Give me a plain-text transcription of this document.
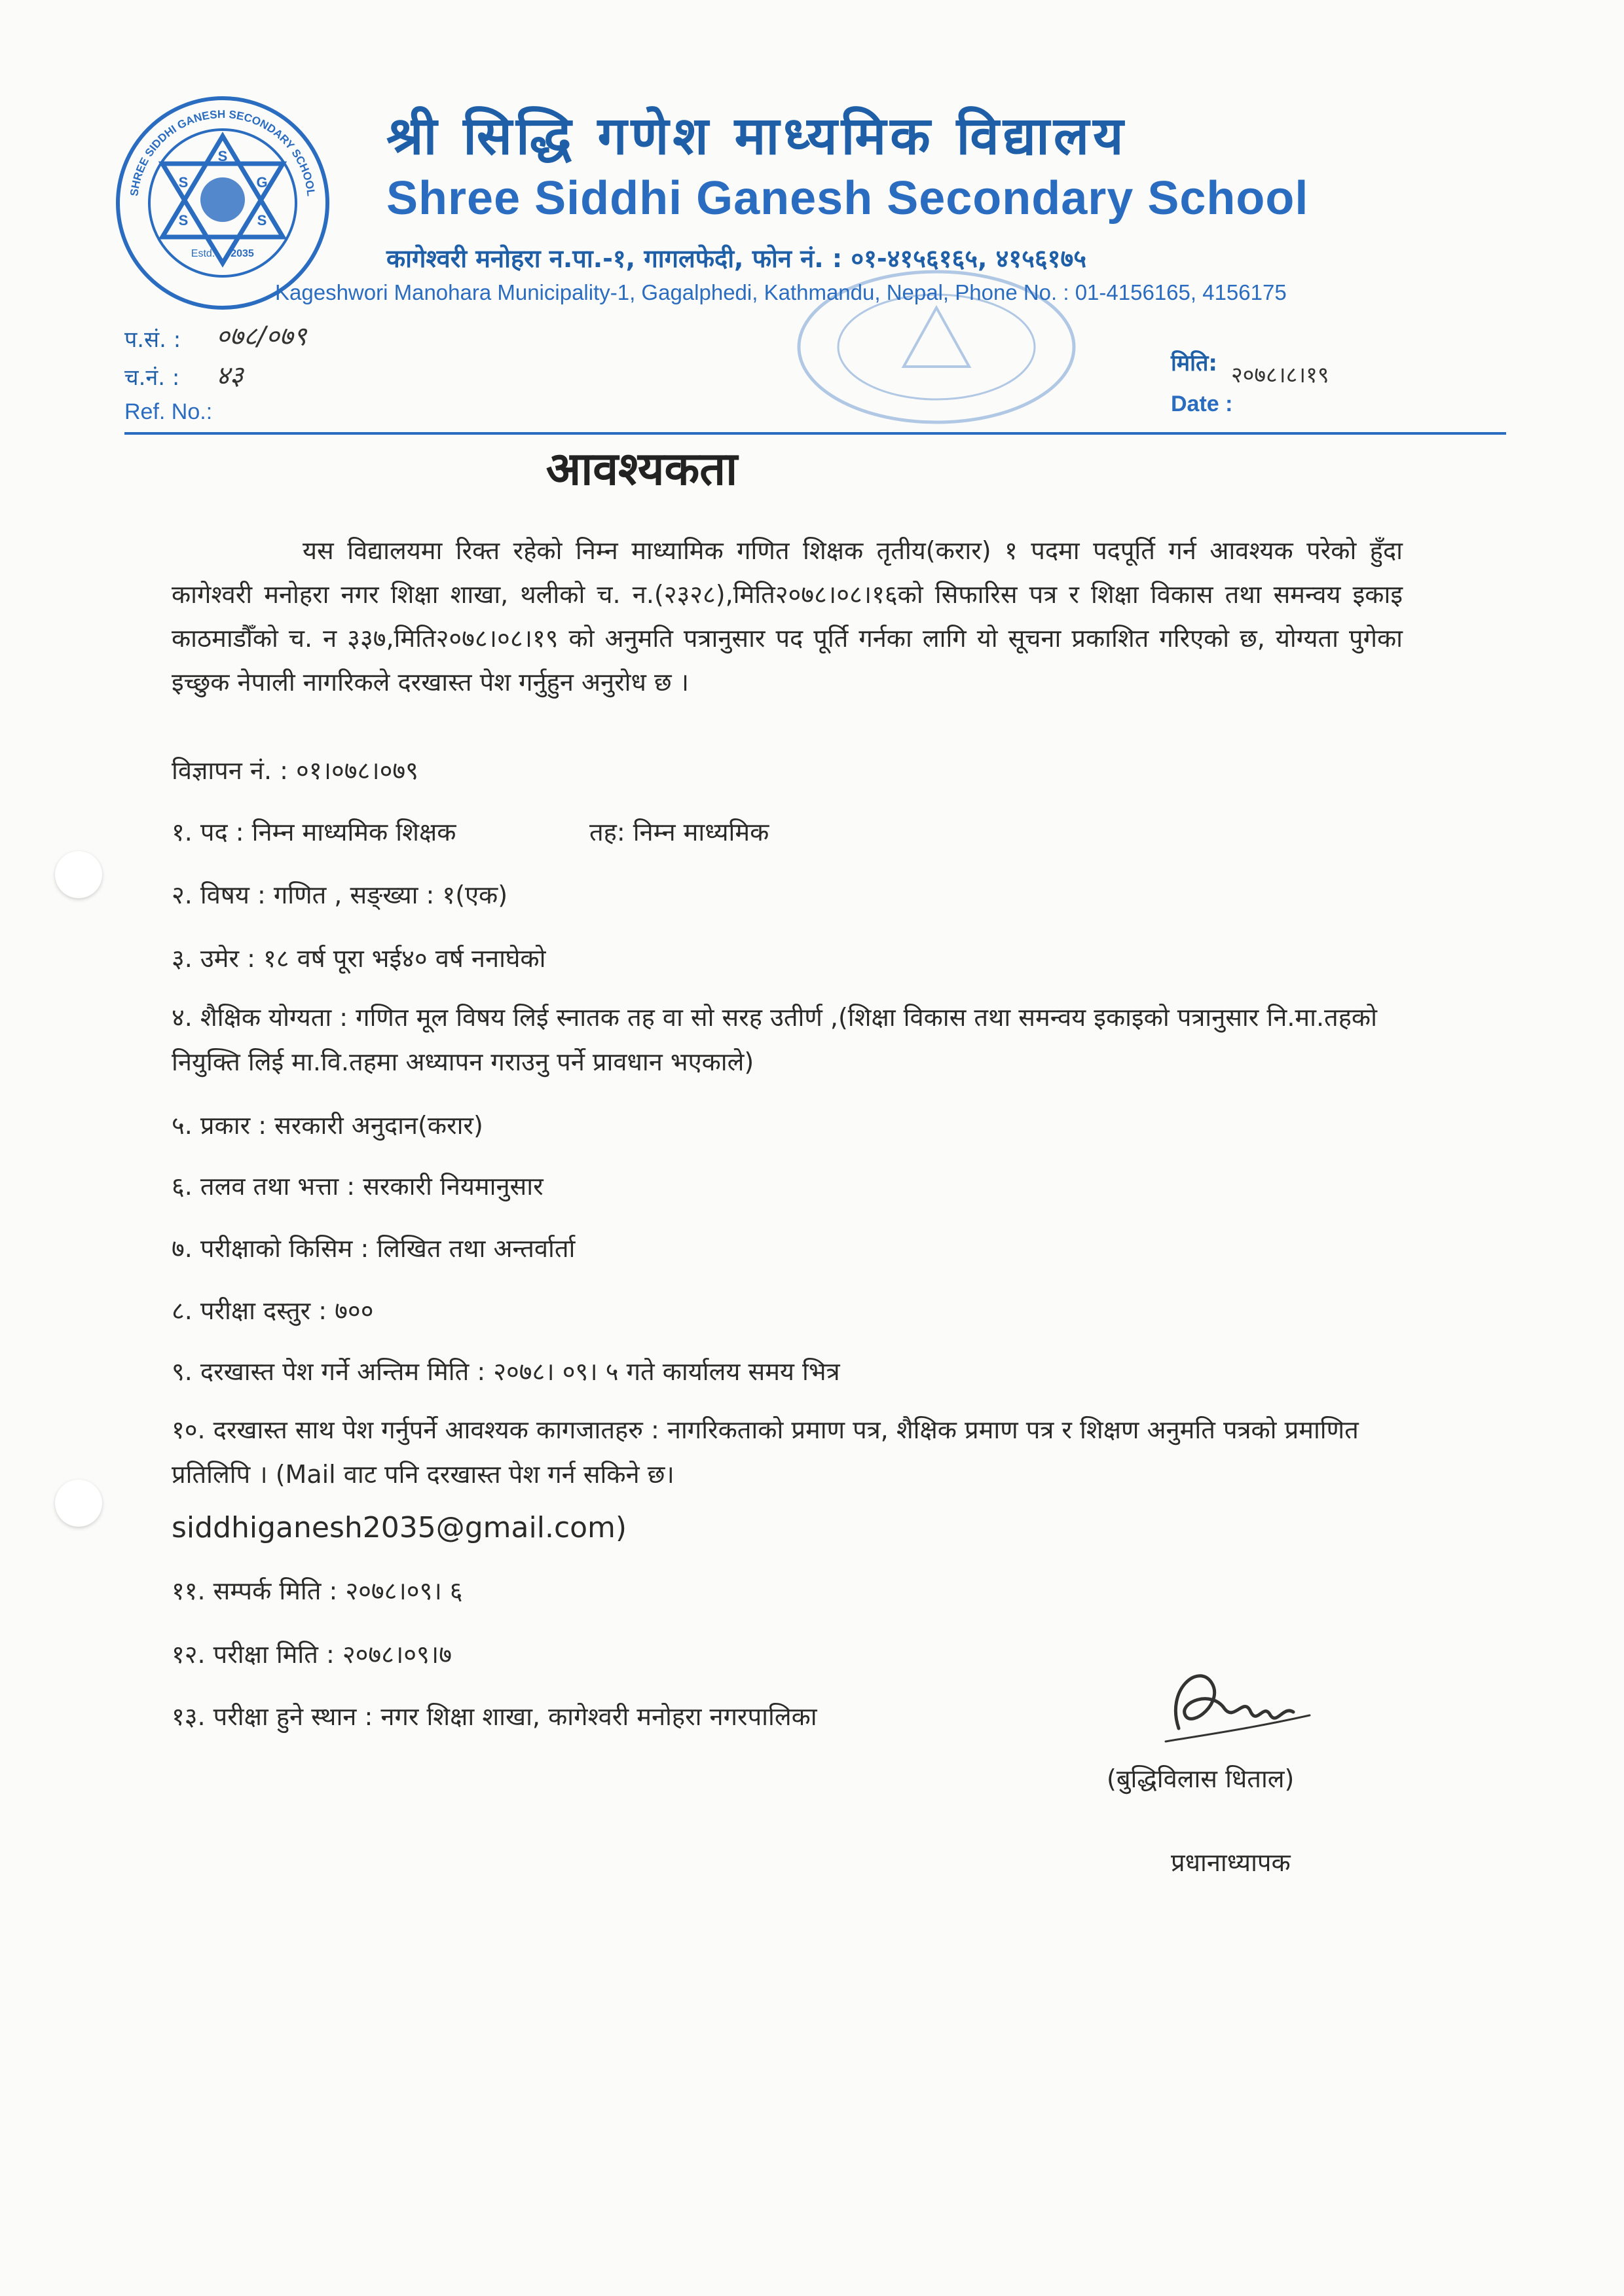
S
S	G
S	S
Estd. 2035
SHREE SIDDHI GANESH SECONDARY SCHOOL
श्री सिद्धि गणेश माध्यमिक विद्यालय
Shree Siddhi Ganesh Secondary School
कागेश्वरी मनोहरा न.पा.-१, गागलफेदी, फोन नं. : ०१-४१५६१६५, ४१५६१७५
Kageshwori Manohara Municipality-1, Gagalphedi, Kathmandu, Nepal, Phone No. : 01-4156165, 4156175
प.सं. : ०७८/०७९
च.नं. : ४३
Ref. No.:
मिति: २०७८।८।१९
Date :
आवश्यकता
यस विद्यालयमा रिक्त रहेको निम्न माध्यामिक गणित शिक्षक तृतीय(करार) १ पदमा पदपूर्ति गर्न आवश्यक परेको हुँदा कागेश्वरी मनोहरा नगर शिक्षा शाखा, थलीको च. न.(२३२८),मिति२०७८।०८।१६को सिफारिस पत्र र शिक्षा विकास तथा समन्वय इकाइ काठमाडौँको च. न ३३७,मिति२०७८।०८।१९ को अनुमति पत्रानुसार पद पूर्ति गर्नका लागि यो सूचना प्रकाशित गरिएको छ, योग्यता पुगेका इच्छुक नेपाली नागरिकले दरखास्त पेश गर्नुहुन अनुरोध छ ।
विज्ञापन नं. : ०१।०७८।०७९
१. पद : निम्न माध्यमिक शिक्षक	तह: निम्न माध्यमिक
२. विषय : गणित , सङ्ख्या : १(एक)
३. उमेर : १८ वर्ष पूरा भई४० वर्ष ननाघेको
४. शैक्षिक योग्यता : गणित मूल विषय लिई स्नातक तह वा सो सरह उतीर्ण ,(शिक्षा विकास तथा समन्वय इकाइको पत्रानुसार नि.मा.तहको नियुक्ति लिई मा.वि.तहमा अध्यापन गराउनु पर्ने प्रावधान भएकाले)
५. प्रकार : सरकारी अनुदान(करार)
६. तलव तथा भत्ता : सरकारी नियमानुसार
७. परीक्षाको किसिम : लिखित तथा अन्तर्वार्ता
८. परीक्षा दस्तुर : ७००
९. दरखास्त पेश गर्ने अन्तिम मिति : २०७८। ०९। ५ गते कार्यालय समय भित्र
१०. दरखास्त साथ पेश गर्नुपर्ने आवश्यक कागजातहरु : नागरिकताको प्रमाण पत्र, शैक्षिक प्रमाण पत्र र शिक्षण अनुमति पत्रको प्रमाणित प्रतिलिपि । (Mail वाट पनि दरखास्त पेश गर्न सकिने छ।
siddhiganesh2035@gmail.com)
११. सम्पर्क मिति : २०७८।०९। ६
१२. परीक्षा मिति : २०७८।०९।७
१३. परीक्षा हुने स्थान : नगर शिक्षा शाखा, कागेश्वरी मनोहरा नगरपालिका
(बुद्धिविलास धिताल)
प्रधानाध्यापक
